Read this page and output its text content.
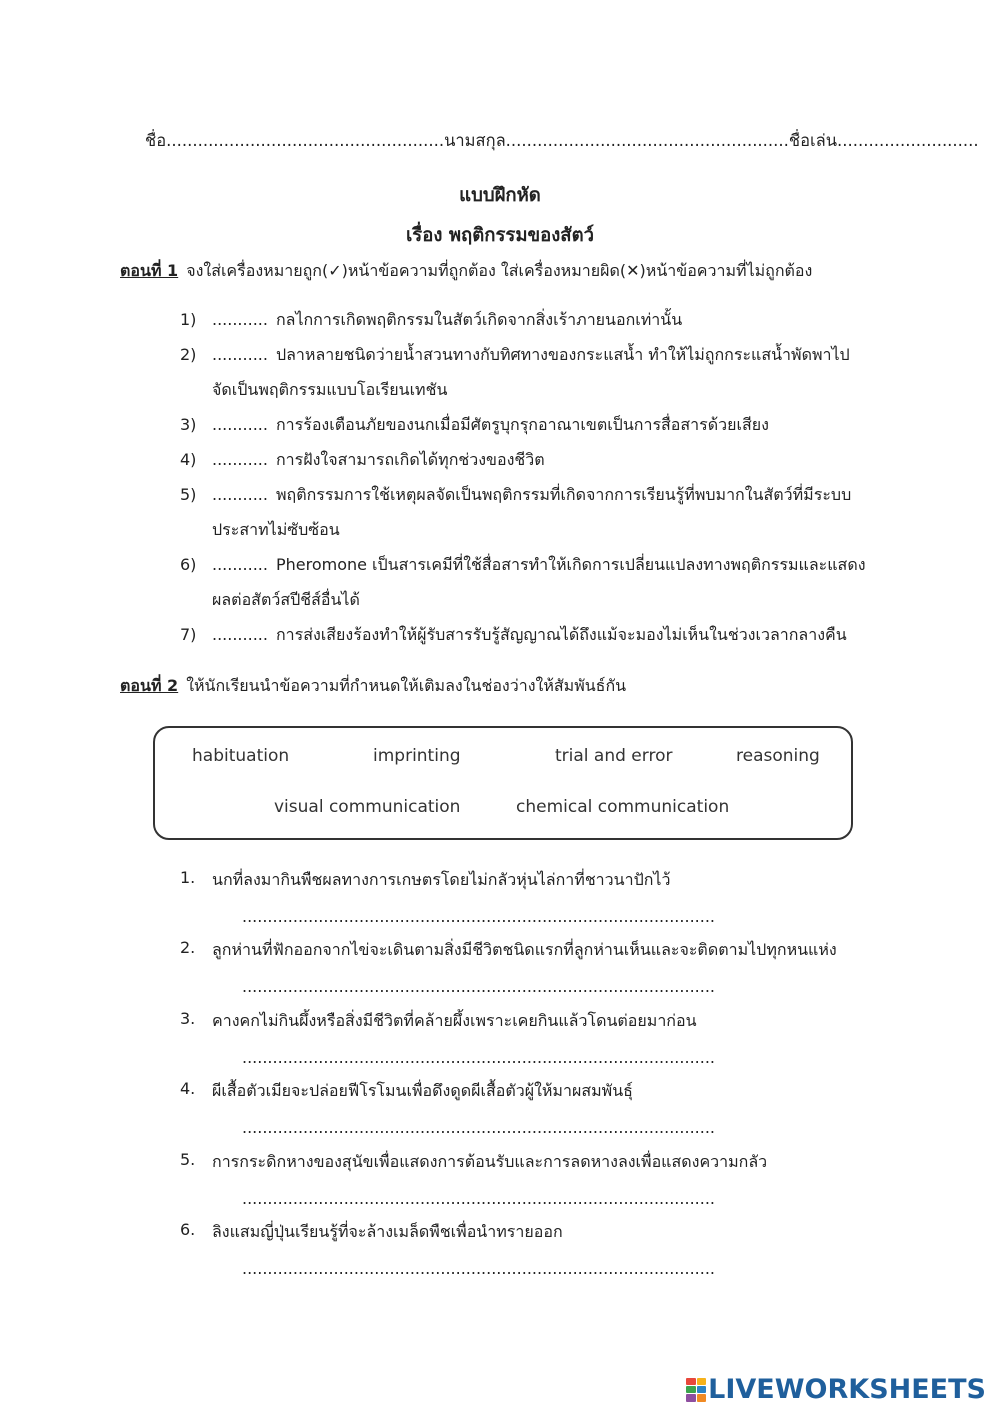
ชื่อ.....................................................นามสกุล......................................................ชื่อเล่น...........................
แบบฝึกหัด
เรื่อง พฤติกรรมของสัตว์
ตอนที่ 1 จงใส่เครื่องหมายถูก(✓)หน้าข้อความที่ถูกต้อง ใส่เครื่องหมายผิด(✕)หน้าข้อความที่ไม่ถูกต้อง
1) ........... กลไกการเกิดพฤติกรรมในสัตว์เกิดจากสิ่งเร้าภายนอกเท่านั้น
2) ........... ปลาหลายชนิดว่ายน้ำสวนทางกับทิศทางของกระแสน้ำ ทำให้ไม่ถูกกระแสน้ำพัดพาไป
จัดเป็นพฤติกรรมแบบโอเรียนเทชัน
3) ........... การร้องเตือนภัยของนกเมื่อมีศัตรูบุกรุกอาณาเขตเป็นการสื่อสารด้วยเสียง
4) ........... การฝังใจสามารถเกิดได้ทุกช่วงของชีวิต
5) ........... พฤติกรรมการใช้เหตุผลจัดเป็นพฤติกรรมที่เกิดจากการเรียนรู้ที่พบมากในสัตว์ที่มีระบบ
ประสาทไม่ซับซ้อน
6) ........... Pheromone เป็นสารเคมีที่ใช้สื่อสารทำให้เกิดการเปลี่ยนแปลงทางพฤติกรรมและแสดง
ผลต่อสัตว์สปีชีส์อื่นได้
7) ........... การส่งเสียงร้องทำให้ผู้รับสารรับรู้สัญญาณได้ถึงแม้จะมองไม่เห็นในช่วงเวลากลางคืน
ตอนที่ 2 ให้นักเรียนนำข้อความที่กำหนดให้เติมลงในช่องว่างให้สัมพันธ์กัน
habituation	imprinting	trial and error	reasoning
visual communication	chemical communication
1. นกที่ลงมากินพืชผลทางการเกษตรโดยไม่กลัวหุ่นไล่กาที่ชาวนาปักไว้
.............................................................................................
2. ลูกห่านที่ฟักออกจากไข่จะเดินตามสิ่งมีชีวิตชนิดแรกที่ลูกห่านเห็นและจะติดตามไปทุกหนแห่ง
.............................................................................................
3. คางคกไม่กินผึ้งหรือสิ่งมีชีวิตที่คล้ายผึ้งเพราะเคยกินแล้วโดนต่อยมาก่อน
.............................................................................................
4. ผีเสื้อตัวเมียจะปล่อยฟีโรโมนเพื่อดึงดูดผีเสื้อตัวผู้ให้มาผสมพันธุ์
.............................................................................................
5. การกระดิกหางของสุนัขเพื่อแสดงการต้อนรับและการลดหางลงเพื่อแสดงความกลัว
.............................................................................................
6. ลิงแสมญี่ปุ่นเรียนรู้ที่จะล้างเมล็ดพืชเพื่อนำทรายออก
.............................................................................................
LIVEWORKSHEETS
